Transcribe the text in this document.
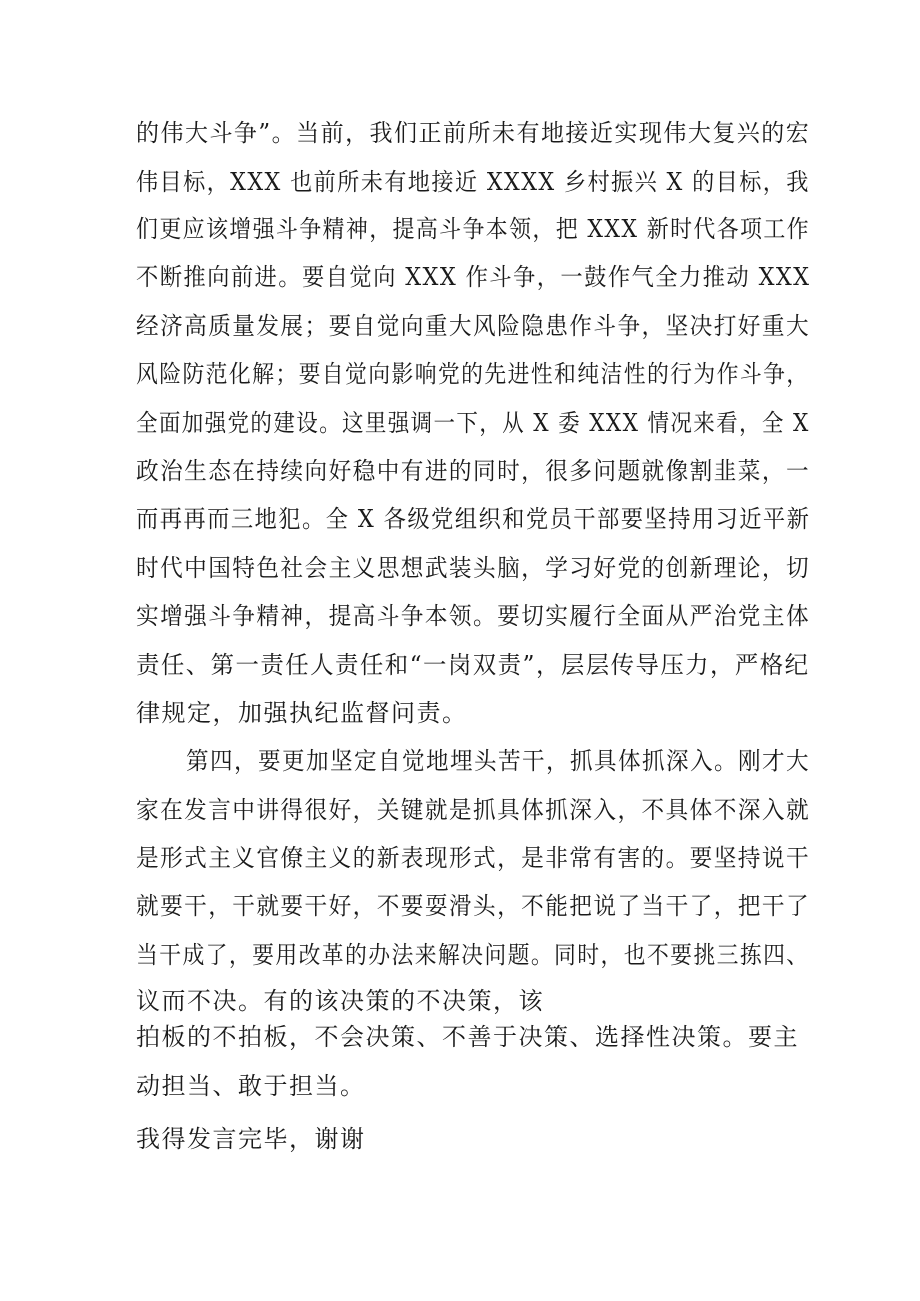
的伟大斗争”。当前，我们正前所未有地接近实现伟大复兴的宏
伟目标，XXX 也前所未有地接近 XXXX 乡村振兴 X 的目标，我
们更应该增强斗争精神，提高斗争本领，把 XXX 新时代各项工作
不断推向前进。要自觉向 XXX 作斗争，一鼓作气全力推动 XXX
经济高质量发展；要自觉向重大风险隐患作斗争，坚决打好重大
风险防范化解；要自觉向影响党的先进性和纯洁性的行为作斗争，
全面加强党的建设。这里强调一下，从 X 委 XXX 情况来看，全 X
政治生态在持续向好稳中有进的同时，很多问题就像割韭菜，一
而再再而三地犯。全 X 各级党组织和党员干部要坚持用习近平新
时代中国特色社会主义思想武装头脑，学习好党的创新理论，切
实增强斗争精神，提高斗争本领。要切实履行全面从严治党主体
责任、第一责任人责任和“一岗双责”，层层传导压力，严格纪
律规定，加强执纪监督问责。
第四，要更加坚定自觉地埋头苦干，抓具体抓深入。刚才大
家在发言中讲得很好，关键就是抓具体抓深入，不具体不深入就
是形式主义官僚主义的新表现形式，是非常有害的。要坚持说干
就要干，干就要干好，不要耍滑头，不能把说了当干了，把干了
当干成了，要用改革的办法来解决问题。同时，也不要挑三拣四、
议而不决。有的该决策的不决策，该
拍板的不拍板，不会决策、不善于决策、选择性决策。要主
动担当、敢于担当。
我得发言完毕，谢谢
